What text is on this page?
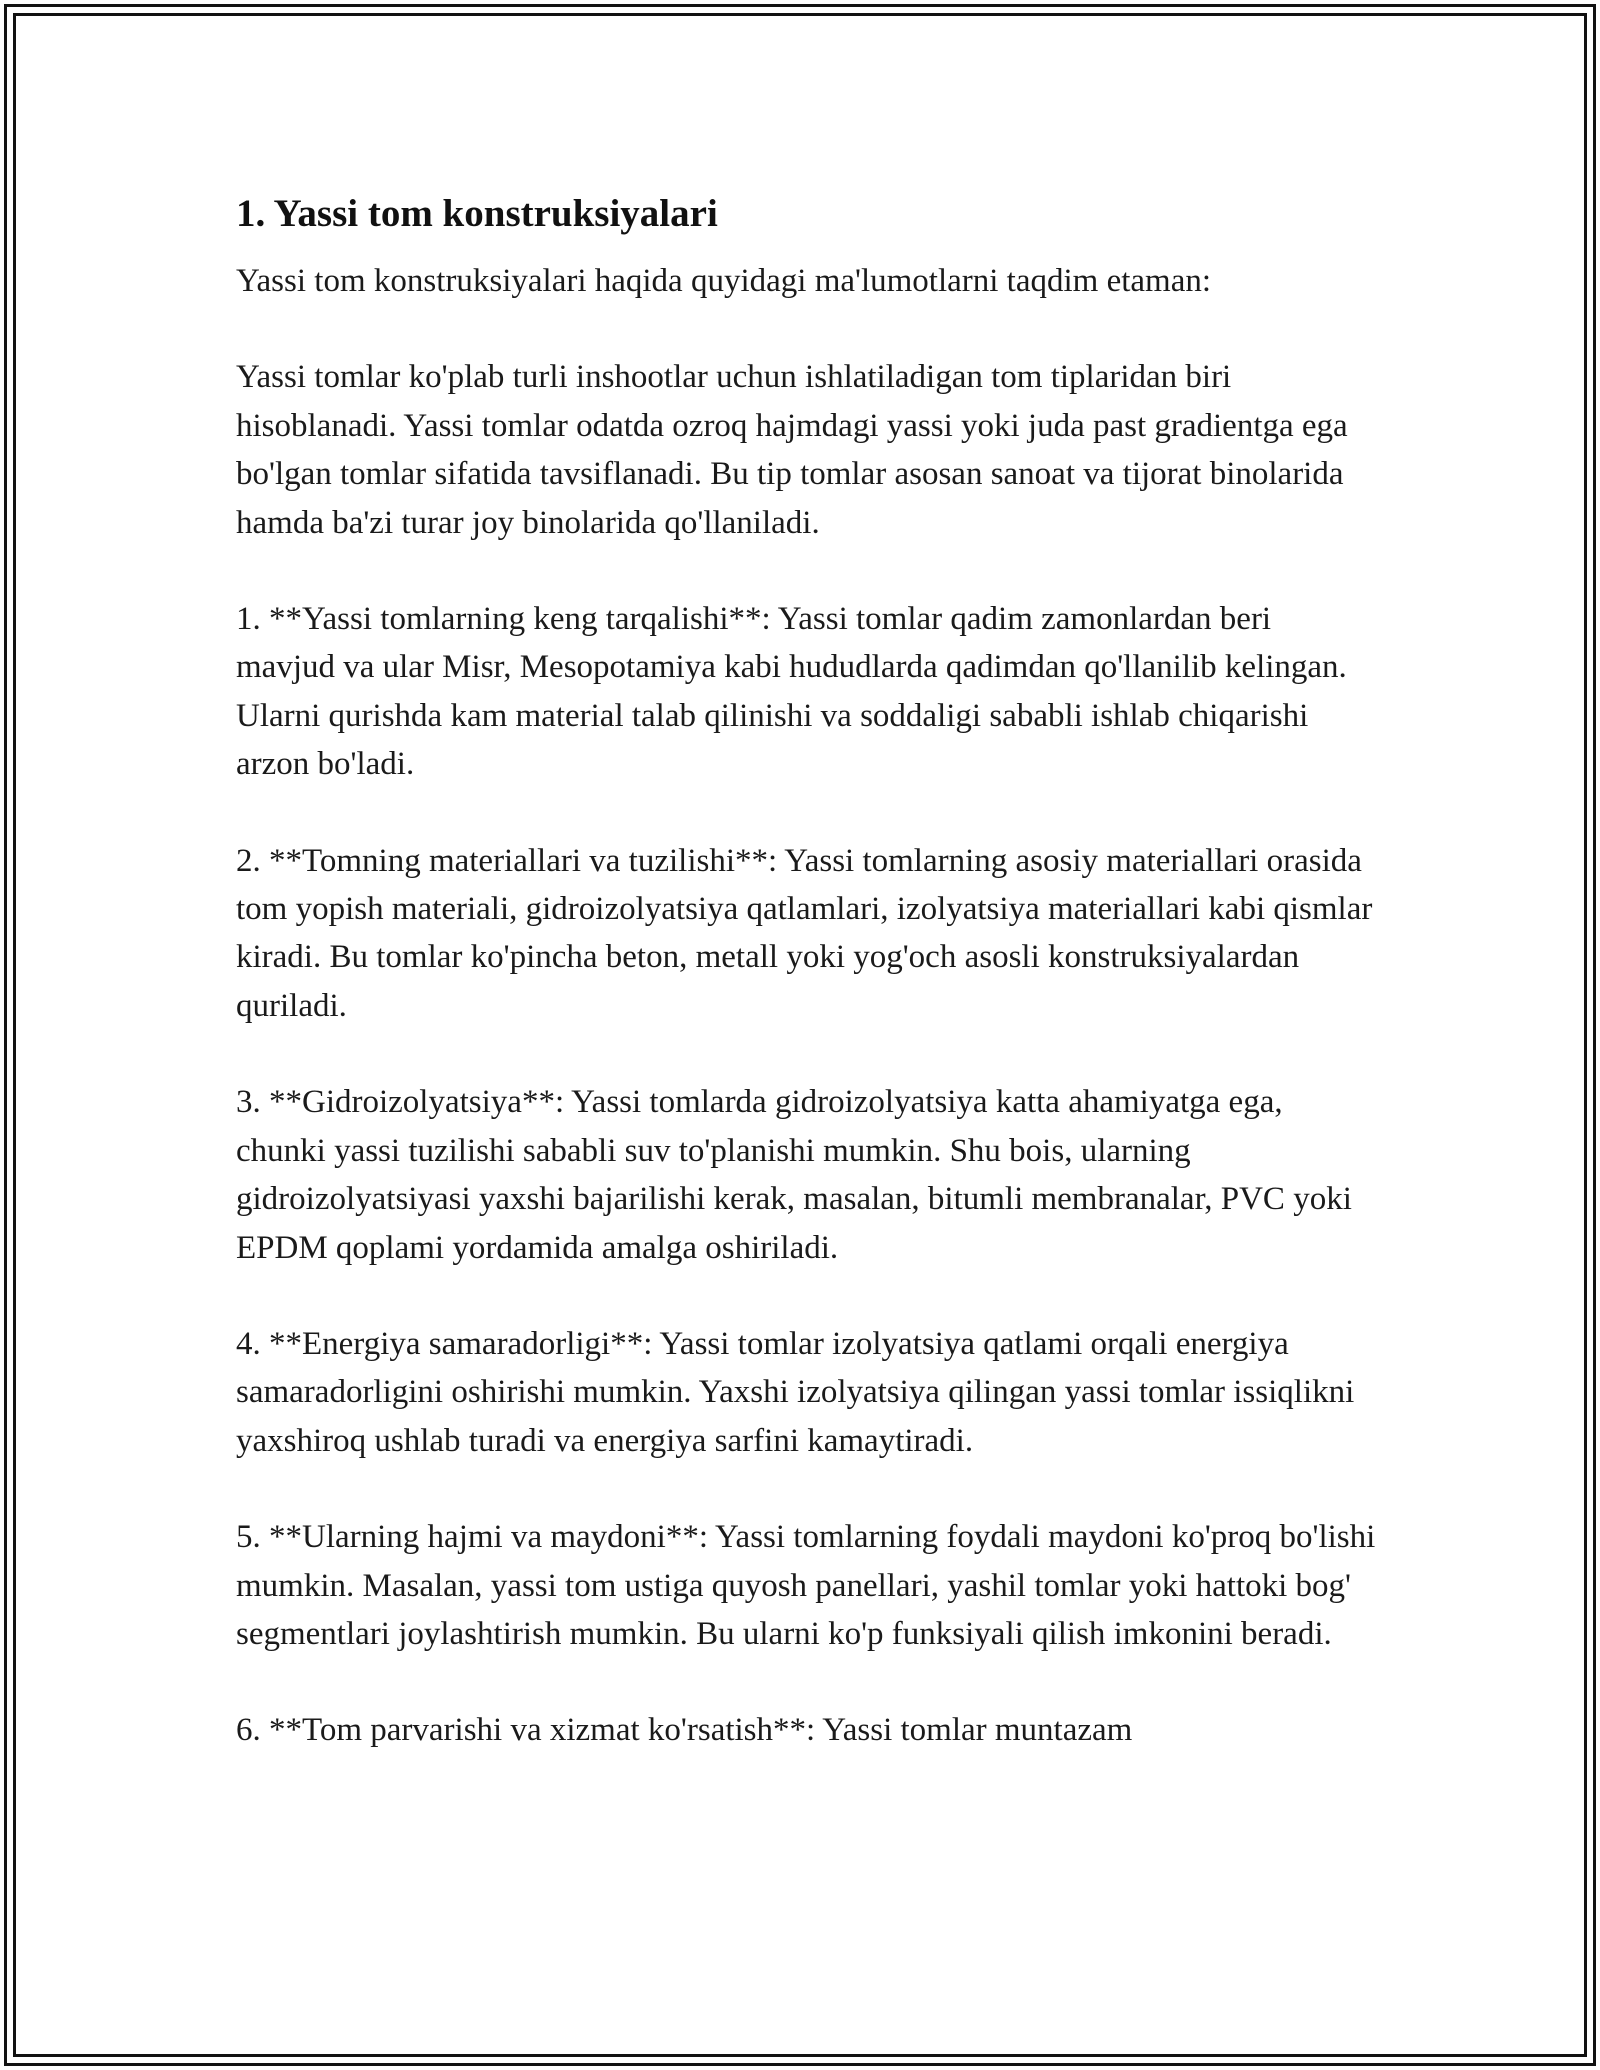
1. Yassi tom konstruksiyalari

Yassi tom konstruksiyalari haqida quyidagi ma'lumotlarni taqdim etaman:

Yassi tomlar ko'plab turli inshootlar uchun ishlatiladigan tom tiplaridan biri hisoblanadi. Yassi tomlar odatda ozroq hajmdagi yassi yoki juda past gradientga ega bo'lgan tomlar sifatida tavsiflanadi. Bu tip tomlar asosan sanoat va tijorat binolarida hamda ba'zi turar joy binolarida qo'llaniladi.

1. **Yassi tomlarning keng tarqalishi**: Yassi tomlar qadim zamonlardan beri mavjud va ular Misr, Mesopotamiya kabi hududlarda qadimdan qo'llanilib kelingan. Ularni qurishda kam material talab qilinishi va soddaligi sababli ishlab chiqarishi arzon bo'ladi.

2. **Tomning materiallari va tuzilishi**: Yassi tomlarning asosiy materiallari orasida tom yopish materiali, gidroizolyatsiya qatlamlari, izolyatsiya materiallari kabi qismlar kiradi. Bu tomlar ko'pincha beton, metall yoki yog'och asosli konstruksiyalardan quriladi.

3. **Gidroizolyatsiya**: Yassi tomlarda gidroizolyatsiya katta ahamiyatga ega, chunki yassi tuzilishi sababli suv to'planishi mumkin. Shu bois, ularning gidroizolyatsiyasi yaxshi bajarilishi kerak, masalan, bitumli membranalar, PVC yoki EPDM qoplami yordamida amalga oshiriladi.

4. **Energiya samaradorligi**: Yassi tomlar izolyatsiya qatlami orqali energiya samaradorligini oshirishi mumkin. Yaxshi izolyatsiya qilingan yassi tomlar issiqlikni yaxshiroq ushlab turadi va energiya sarfini kamaytiradi.

5. **Ularning hajmi va maydoni**: Yassi tomlarning foydali maydoni ko'proq bo'lishi mumkin. Masalan, yassi tom ustiga quyosh panellari, yashil tomlar yoki hattoki bog' segmentlari joylashtirish mumkin. Bu ularni ko'p funksiyali qilish imkonini beradi.

6. **Tom parvarishi va xizmat ko'rsatish**: Yassi tomlar muntazam
